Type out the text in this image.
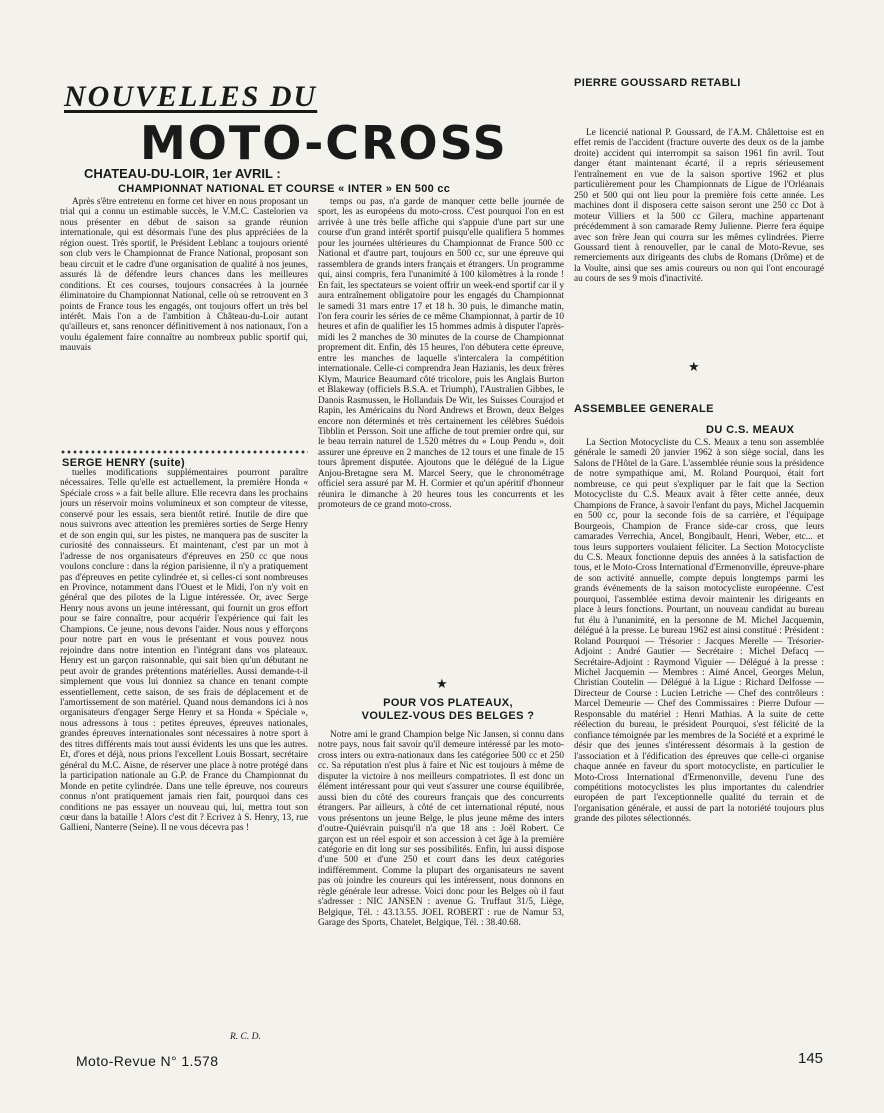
NOUVELLES DU
MOTO-CROSS
CHATEAU-DU-LOIR, 1er AVRIL :
CHAMPIONNAT NATIONAL ET COURSE « INTER » EN 500 cc

Après s'être entretenu en forme cet hiver en nous proposant un trial qui a connu un estimable succès, le V.M.C. Castelorien va nous présenter en début de saison sa grande réunion internationale, qui est désormais l'une des plus appréciées de la région ouest. Très sportif, le Président Leblanc a toujours orienté son club vers le Championnat de France National, proposant son beau circuit et le cadre d'une organisation de qualité à nos jeunes, assurés là de défendre leurs chances dans les meilleures conditions. Et ces courses, toujours consacrées à la journée éliminatoire du Championnat National, celle où se retrouvent en 3 points de France tous les engagés, ont toujours offert un très bel intérêt. Mais l'on a de l'ambition à Château-du-Loir autant qu'ailleurs et, sans renoncer définitivement à nos nationaux, l'on a voulu également faire connaître au nombreux public sportif qui, mauvais

temps ou pas, n'a garde de manquer cette belle journée de sport, les as européens du moto-cross. C'est pourquoi l'on en est arrivée à une très belle affiche qui s'appuie d'une part sur une course d'un grand intérêt sportif puisqu'elle qualifiera 5 hommes pour les journées ultérieures du Championnat de France 500 cc National et d'autre part, toujours en 500 cc, sur une épreuve qui rassemblera de grands inters français et étrangers. Un programme qui, ainsi compris, fera l'unanimité à 100 kilomètres à la ronde ! En fait, les spectateurs se voient offrir un week-end sportif car il y aura entraînement obligatoire pour les engagés du Championnat le samedi 31 mars entre 17 et 18 h. 30 puis, le dimanche matin, l'on fera courir les séries de ce même Championnat, à partir de 10 heures et afin de qualifier les 15 hommes admis à disputer l'après-midi les 2 manches de 30 minutes de la course de Championnat proprement dit. Enfin, dès 15 heures, l'on débutera cette épreuve, entre les manches de laquelle s'intercalera la compétition internationale. Celle-ci comprendra Jean Hazianis, les deux frères Klym, Maurice Beaumard côté tricolore, puis les Anglais Burton et Blakeway (officiels B.S.A. et Triumph), l'Australien Gibbes, le Danois Rasmussen, le Hollandais De Wit, les Suisses Courajod et Rapin, les Américains du Nord Andrews et Brown, deux Belges encore non déterminés et très certainement les célèbres Suédois Tibblin et Persson. Soit une affiche de tout premier ordre qui, sur le beau terrain naturel de 1.520 mètres du « Loup Pendu », doit assurer une épreuve en 2 manches de 12 tours et une finale de 15 tours âprement disputée. Ajoutons que le délégué de la Ligue Anjou-Bretagne sera M. Marcel Seery, que le chronométrage officiel sera assuré par M. H. Cormier et qu'un apéritif d'honneur réunira le dimanche à 20 heures tous les concurrents et les promoteurs de ce grand moto-cross.

SERGE HENRY (suite)

tuelles modifications supplémentaires pourront paraître nécessaires. Telle qu'elle est actuellement, la première Honda « Spéciale cross » a fait belle allure. Elle recevra dans les prochains jours un réservoir moins volumineux et son compteur de vitesse, conservé pour les essais, sera bientôt retiré. Inutile de dire que nous suivrons avec attention les premières sorties de Serge Henry et de son engin qui, sur les pistes, ne manquera pas de susciter la curiosité des connaisseurs. Et maintenant, c'est par un mot à l'adresse de nos organisateurs d'épreuves en 250 cc que nous voulons conclure : dans la région parisienne, il n'y a pratiquement pas d'épreuves en petite cylindrée et, si celles-ci sont nombreuses en Province, notamment dans l'Ouest et le Midi, l'on n'y voit en général que des pilotes de la Ligue intéressée. Or, avec Serge Henry nous avons un jeune intéressant, qui fournit un gros effort pour se faire connaître, pour acquérir l'expérience qui fait les Champions. Ce jeune, nous devons l'aider. Nous nous y efforçons pour notre part en vous le présentant et vous pouvez nous rejoindre dans notre intention en l'intégrant dans vos plateaux. Henry est un garçon raisonnable, qui sait bien qu'un débutant ne peut avoir de grandes prétentions matérielles. Aussi demande-t-il simplement que vous lui donniez sa chance en tenant compte essentiellement, cette saison, de ses frais de déplacement et de l'amortissement de son matériel. Quand nous demandons ici à nos organisateurs d'engager Serge Henry et sa Honda « Spéciale », nous adressons à tous : petites épreuves, épreuves nationales, grandes épreuves internationales sont nécessaires à notre sport à des titres différents mais tout aussi évidents les uns que les autres. Et, d'ores et déjà, nous prions l'excellent Louis Bossart, secrétaire général du M.C. Aisne, de réserver une place à notre protégé dans la participation nationale au G.P. de France du Championnat du Monde en petite cylindrée. Dans une telle épreuve, nos coureurs connus n'ont pratiquement jamais rien fait, pourquoi dans ces conditions ne pas essayer un nouveau qui, lui, mettra tout son cœur dans la bataille ! Alors c'est dit ? Ecrivez à S. Henry, 13, rue Gallieni, Nanterre (Seine). Il ne vous décevra pas !

R. C. D.
★
POUR VOS PLATEAUX,
VOULEZ-VOUS DES BELGES ?

Notre ami le grand Champion belge Nic Jansen, si connu dans notre pays, nous fait savoir qu'il demeure intéressé par les moto-cross inters ou extra-nationaux dans les catégoriee 500 cc et 250 cc. Sa réputation n'est plus à faire et Nic est toujours à même de disputer la victoire à nos meilleurs compatriotes. Il est donc un élément intéressant pour qui veut s'assurer une course équilibrée, aussi bien du côté des coureurs français que des concurrents étrangers. Par ailleurs, à côté de cet international réputé, nous vous présentons un jeune Belge, le plus jeune même des inters d'outre-Quiévrain puisqu'il n'a que 18 ans : Joël Robert. Ce garçon est un réel espoir et son accession à cet âge à la première catégorie en dit long sur ses possibilités. Enfin, lui aussi dispose d'une 500 et d'une 250 et court dans les deux catégories indifféremment. Comme la plupart des organisateurs ne savent pas où joindre les coureurs qui les intéressent, nous donnons en règle générale leur adresse. Voici donc pour les Belges où il faut s'adresser : NIC JANSEN : avenue G. Truffaut 31/5, Liège, Belgique, Tél. : 43.13.55. JOEL ROBERT : rue de Namur 53, Garage des Sports, Chatelet, Belgique, Tél. : 38.40.68.

PIERRE GOUSSARD RETABLI

Le licencié national P. Goussard, de l'A.M. Châlettoise est en effet remis de l'accident (fracture ouverte des deux os de la jambe droite) accident qui interrompit sa saison 1961 fin avril. Tout danger étant maintenant écarté, il a repris sérieusement l'entraînement en vue de la saison sportive 1962 et plus particulièrement pour les Championnats de Ligue de l'Orléanais 250 et 500 qui ont lieu pour la première fois cette année. Les machines dont il disposera cette saison seront une 250 cc Dot à moteur Villiers et la 500 cc Gilera, machine appartenant précédemment à son camarade Remy Julienne. Pierre fera équipe avec son frère Jean qui courra sur les mêmes cylindrées. Pierre Goussard tient à renouveller, par le canal de Moto-Revue, ses remerciements aux dirigeants des clubs de Romans (Drôme) et de la Voulte, ainsi que ses amis coureurs ou non qui l'ont encouragé au cours de ses 9 mois d'inactivité.

★
ASSEMBLEE GENERALE
DU C.S. MEAUX

La Section Motocycliste du C.S. Meaux a tenu son assemblée générale le samedi 20 janvier 1962 à son siège social, dans les Salons de l'Hôtel de la Gare. L'assemblée réunie sous la présidence de notre sympathique ami, M. Roland Pourquoi, était fort nombreuse, ce qui peut s'expliquer par le fait que la Section Motocycliste du C.S. Meaux avait à fêter cette année, deux Champions de France, à savoir l'enfant du pays, Michel Jacquemin en 500 cc, pour la seconde fois de sa carrière, et l'équipage Bourgeois, Champion de France side-car cross, que leurs camarades Verrechia, Ancel, Bongibault, Henri, Weber, etc... et tous leurs supporters voulaient féliciter. La Section Motocycliste du C.S. Meaux fonctionne depuis des années à la satisfaction de tous, et le Moto-Cross International d'Ermenonville, épreuve-phare de son activité annuelle, compte depuis longtemps parmi les grands événements de la saison motocycliste européenne. C'est pourquoi, l'assemblée estima devoir maintenir les dirigeants en place à leurs fonctions. Pourtant, un nouveau candidat au bureau fut élu à l'unanimité, en la personne de M. Michel Jacquemin, délégué à la presse. Le bureau 1962 est ainsi constitué : Président : Roland Pourquoi — Trésorier : Jacques Merelle — Trésorier-Adjoint : André Gautier — Secrétaire : Michel Defacq — Secrétaire-Adjoint : Raymond Viguier — Délégué à la presse : Michel Jacquemin — Membres : Aimé Ancel, Georges Melun, Christian Coutelin — Délégué à la Ligue : Richard Delfosse — Directeur de Course : Lucien Letriche — Chef des contrôleurs : Marcel Demeurie — Chef des Commissaires : Pierre Dufour — Responsable du matériel : Henri Mathias. A la suite de cette réélection du bureau, le président Pourquoi, s'est félicité de la confiance témoignée par les membres de la Société et a exprimé le désir que des jeunes s'intéressent désormais à la gestion de l'association et à l'édification des épreuves que celle-ci organise chaque année en faveur du sport motocycliste, en particulier le Moto-Cross International d'Ermenonville, devenu l'une des compétitions motocyclistes les plus importantes du calendrier européen de part l'exceptionnelle qualité du terrain et de l'organisation générale, et aussi de part la notoriété toujours plus grande des pilotes sélectionnés.

Moto-Revue N° 1.578	145
